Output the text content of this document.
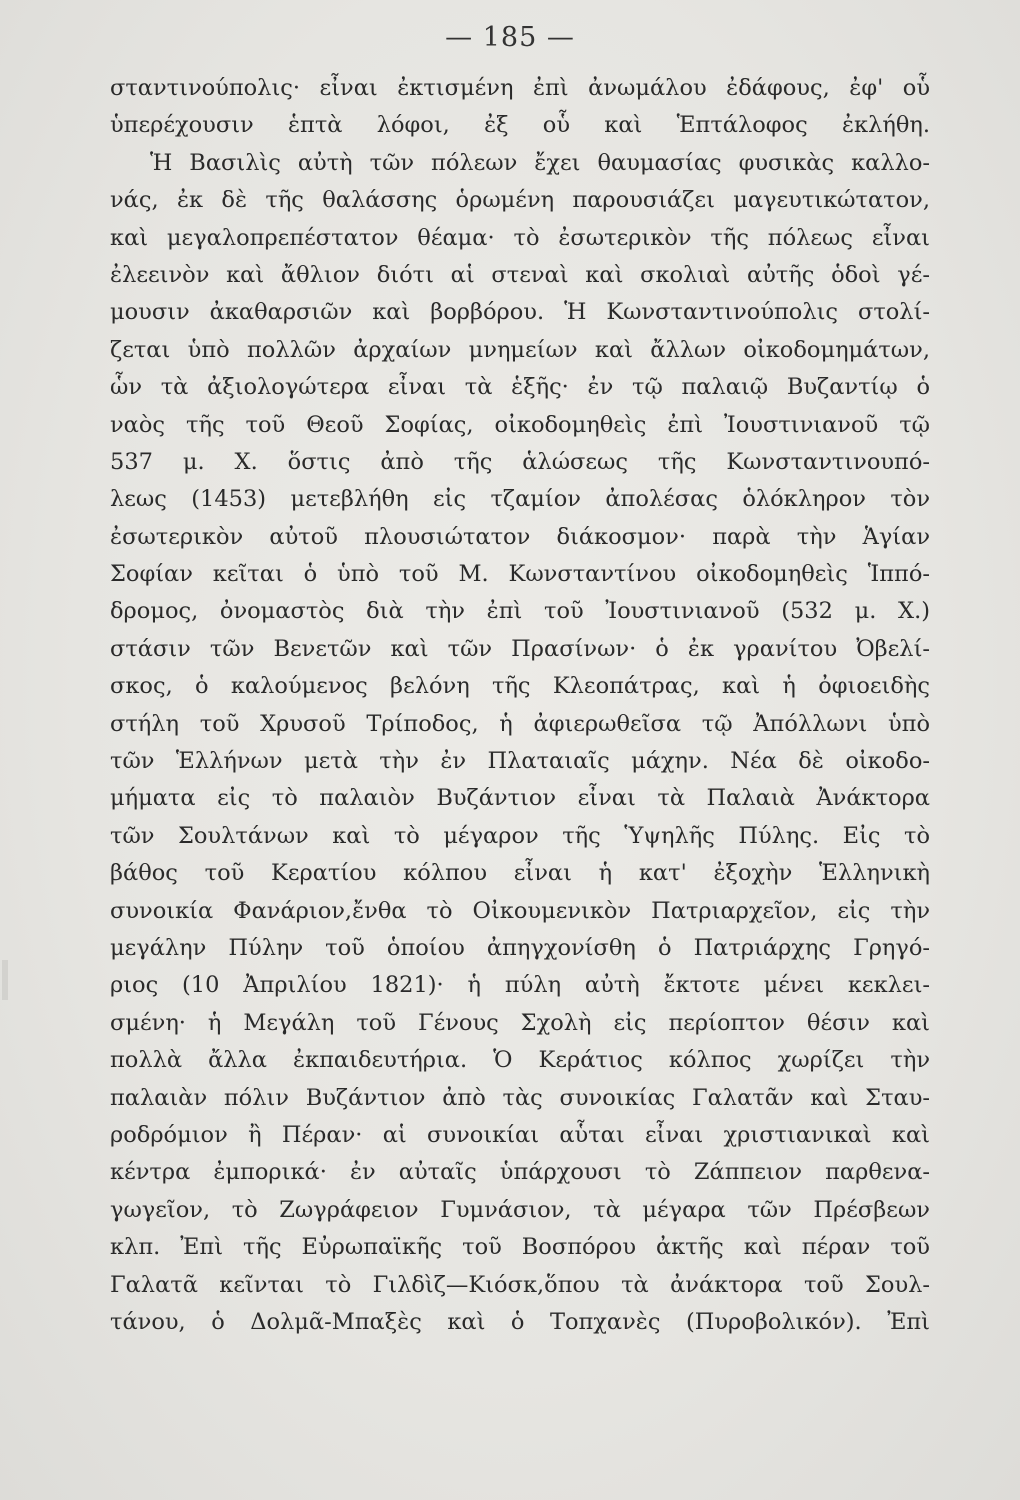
— 185 —
σταντινούπολις· εἶναι ἐκτισμένη ἐπὶ ἀνωμάλου ἐδάφους, ἐφ' οὗ
ὑπερέχουσιν ἑπτὰ λόφοι, ἐξ οὗ καὶ Ἑπτάλοφος ἐκλήθη.
Ἡ Βασιλὶς αὐτὴ τῶν πόλεων ἔχει θαυμασίας φυσικὰς καλλο-
νάς, ἐκ δὲ τῆς θαλάσσης ὁρωμένη παρουσιάζει μαγευτικώτατον,
καὶ μεγαλοπρεπέστατον θέαμα· τὸ ἐσωτερικὸν τῆς πόλεως εἶναι
ἐλεεινὸν καὶ ἄθλιον διότι αἱ στεναὶ καὶ σκολιαὶ αὐτῆς ὁδοὶ γέ-
μουσιν ἀκαθαρσιῶν καὶ βορβόρου. Ἡ Κωνσταντινούπολις στολί-
ζεται ὑπὸ πολλῶν ἀρχαίων μνημείων καὶ ἄλλων οἰκοδομημάτων,
ὧν τὰ ἀξιολογώτερα εἶναι τὰ ἑξῆς· ἐν τῷ παλαιῷ Βυζαντίῳ ὁ
ναὸς τῆς τοῦ Θεοῦ Σοφίας, οἰκοδομηθεὶς ἐπὶ Ἰουστινιανοῦ τῷ
537 μ. Χ. ὅστις ἀπὸ τῆς ἁλώσεως τῆς Κωνσταντινουπό-
λεως (1453) μετεβλήθη εἰς τζαμίον ἀπολέσας ὁλόκληρον τὸν
ἐσωτερικὸν αὐτοῦ πλουσιώτατον διάκοσμον· παρὰ τὴν Ἁγίαν
Σοφίαν κεῖται ὁ ὑπὸ τοῦ Μ. Κωνσταντίνου οἰκοδομηθεὶς Ἱππό-
δρομος, ὀνομαστὸς διὰ τὴν ἐπὶ τοῦ Ἰουστινιανοῦ (532 μ. Χ.)
στάσιν τῶν Βενετῶν καὶ τῶν Πρασίνων· ὁ ἐκ γρανίτου Ὀβελί-
σκος, ὁ καλούμενος βελόνη τῆς Κλεοπάτρας, καὶ ἡ ὀφιοειδὴς
στήλη τοῦ Χρυσοῦ Τρίποδος, ἡ ἀφιερωθεῖσα τῷ Ἀπόλλωνι ὑπὸ
τῶν Ἑλλήνων μετὰ τὴν ἐν Πλαταιαῖς μάχην. Νέα δὲ οἰκοδο-
μήματα εἰς τὸ παλαιὸν Βυζάντιον εἶναι τὰ Παλαιὰ Ἀνάκτορα
τῶν Σουλτάνων καὶ τὸ μέγαρον τῆς Ὑψηλῆς Πύλης. Εἰς τὸ
βάθος τοῦ Κερατίου κόλπου εἶναι ἡ κατ' ἐξοχὴν Ἑλληνικὴ
συνοικία Φανάριον,ἔνθα τὸ Οἰκουμενικὸν Πατριαρχεῖον, εἰς τὴν
μεγάλην Πύλην τοῦ ὁποίου ἀπηγχονίσθη ὁ Πατριάρχης Γρηγό-
ριος (10 Ἀπριλίου 1821)· ἡ πύλη αὐτὴ ἔκτοτε μένει κεκλει-
σμένη· ἡ Μεγάλη τοῦ Γένους Σχολὴ εἰς περίοπτον θέσιν καὶ
πολλὰ ἄλλα ἐκπαιδευτήρια. Ὁ Κεράτιος κόλπος χωρίζει τὴν
παλαιὰν πόλιν Βυζάντιον ἀπὸ τὰς συνοικίας Γαλατᾶν καὶ Σταυ-
ροδρόμιον ἢ Πέραν· αἱ συνοικίαι αὗται εἶναι χριστιανικαὶ καὶ
κέντρα ἐμπορικά· ἐν αὐταῖς ὑπάρχουσι τὸ Ζάππειον παρθενα-
γωγεῖον, τὸ Ζωγράφειον Γυμνάσιον, τὰ μέγαρα τῶν Πρέσβεων
κλπ. Ἐπὶ τῆς Εὐρωπαϊκῆς τοῦ Βοσπόρου ἀκτῆς καὶ πέραν τοῦ
Γαλατᾶ κεῖνται τὸ Γιλδὶζ—Κιόσκ,ὅπου τὰ ἀνάκτορα τοῦ Σουλ-
τάνου, ὁ Δολμᾶ-Μπαξὲς καὶ ὁ Τοπχανὲς (Πυροβολικόν). Ἐπὶ
